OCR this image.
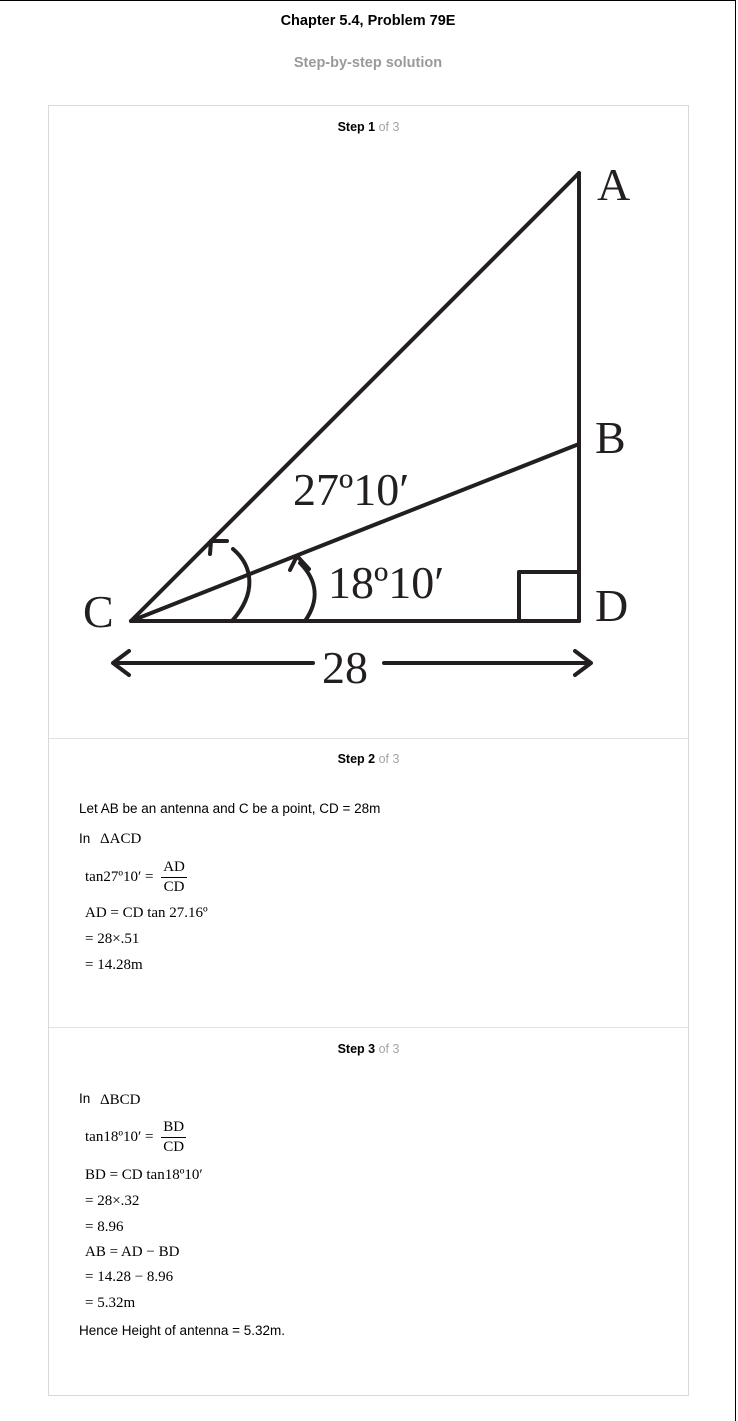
Chapter 5.4, Problem 79E
Step-by-step solution
Step 1 of 3
A
B
C	D
27º10′
18º10′
28
Step 2 of 3
Let AB be an antenna and C be a point, CD = 28m
In ΔACD
tan27º10′ = $\frac{AD}{CD}$
AD = CD tan 27.16º
= 28×.51
= 14.28m
Step 3 of 3
In ΔBCD
tan18º10′ = $\frac{BD}{CD}$
BD = CD tan18º10′
= 28×.32
= 8.96
AB = AD − BD
= 14.28 − 8.96
= 5.32m
Hence Height of antenna = 5.32m.
